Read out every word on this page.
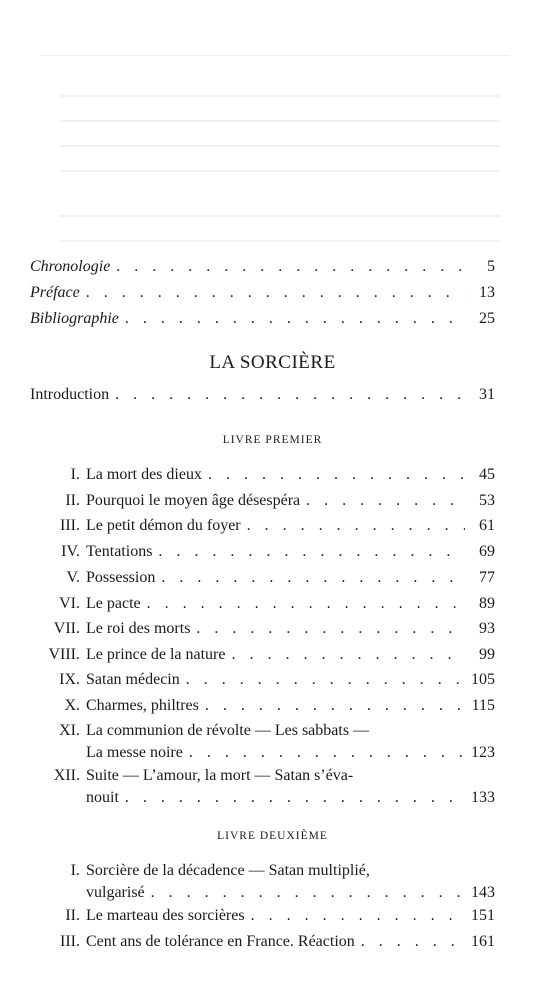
Chronologie . . .	5
Préface . . .	13
Bibliographie . . .	25
LA SORCIÈRE
Introduction . . .	31
LIVRE PREMIER
I. La mort des dieux . . .	45
II. Pourquoi le moyen âge désespéra . . .	53
III. Le petit démon du foyer . . .	61
IV. Tentations . . .	69
V. Possession . . .	77
VI. Le pacte . . .	89
VII. Le roi des morts . . .	93
VIII. Le prince de la nature . . .	99
IX. Satan médecin . . .	105
X. Charmes, philtres . . .	115
XI. La communion de révolte — Les sabbats —
La messe noire . . .	123
XII. Suite — L’amour, la mort — Satan s’éva-
nouit . . .	133
LIVRE DEUXIÈME
I. Sorcière de la décadence — Satan multiplié,
vulgarisé . . .	143
II. Le marteau des sorcières . . .	151
III. Cent ans de tolérance en France. Réaction . . .	161
